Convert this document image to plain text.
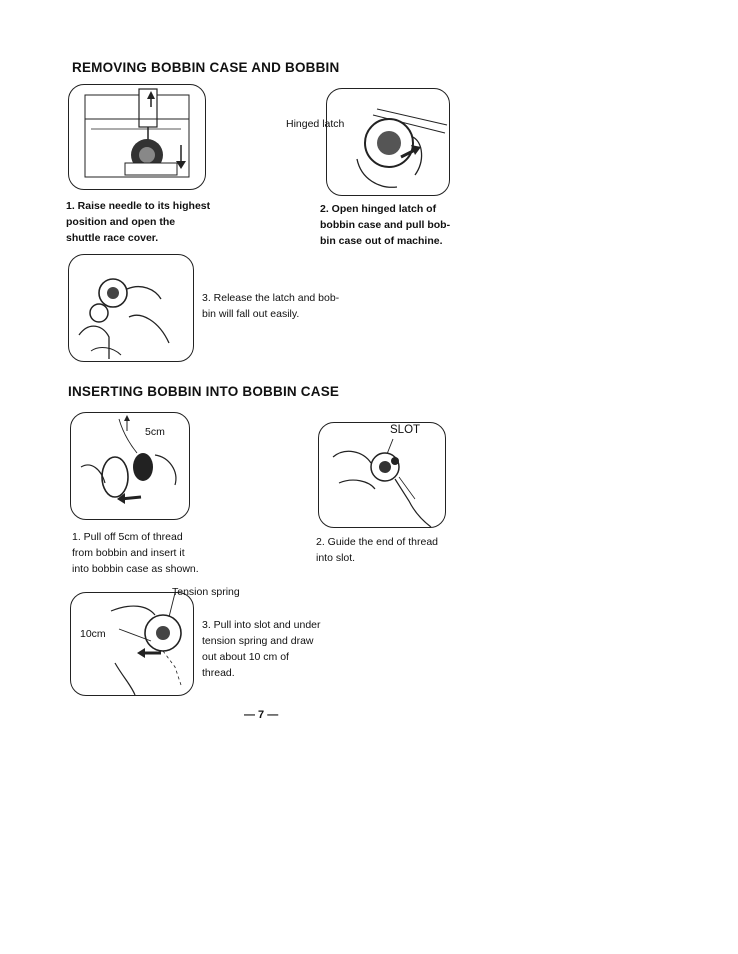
REMOVING BOBBIN CASE AND BOBBIN
1. Raise needle to its highest
position and open the
shuttle race cover.
Hinged latch
2. Open hinged latch of
bobbin case and pull bob-
bin case out of machine.
3. Release the latch and bob-
bin will fall out easily.
INSERTING BOBBIN INTO BOBBIN CASE
5cm
1. Pull off 5cm of thread
from bobbin and insert it
into bobbin case as shown.
SLOT
2. Guide the end of thread
into slot.
Tension spring
10cm
3. Pull into slot and under
tension spring and draw
out about 10 cm of
thread.
— 7 —
